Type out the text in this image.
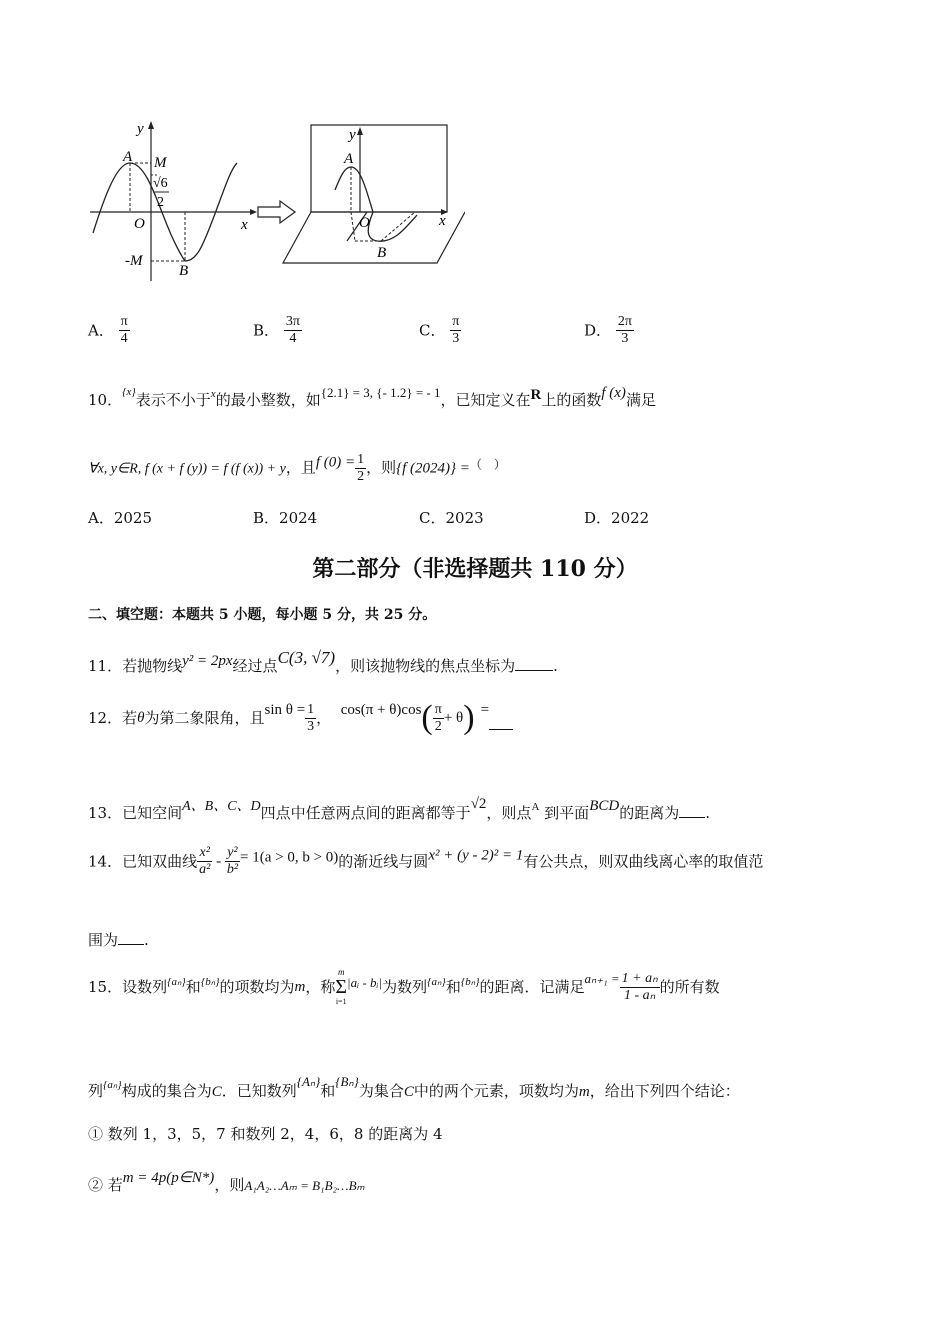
y
x
A M
√6
2
O
-M
B
y
x
A
O
B
A． $\frac{\pi}{4}$	B． $\frac{3\pi}{4}$	C． $\frac{\pi}{3}$	D． $\frac{2\pi}{3}$
10．$^{\{x\}}$表示不小于$^x$的最小整数，如{2.1} = 3, {- 1.2} = - 1，已知定义在R上的函数f (x)满足
∀x, y∈R, f (x + f (y)) = f (f (x)) + y，且f $(0) = \frac{1}{2}$ ，则{f (2024)} =（　）
A．2025	B．2024	C．2023	D．2022
第二部分（非选择题共 110 分）
二、填空题：本题共 5 小题，每小题 5 分，共 25 分。
11．若抛物线y² = 2px经过点C(3, √7)，则该抛物线的焦点坐标为	.
12．若θ为第二象限角，且$\sin \theta = \frac{1}{3}$ ， $\cos(\pi + \theta)\cos( \frac{\pi}{2} + \theta)$ =
13．已知空间A、B、C、D四点中任意两点间的距离都等于√2，则点$^A$ 到平面BCD的距离为 .
14．已知双曲线 $\frac{\text{x²}}{\text{a²}} - \frac{\text{y²}}{\text{b²}} = 1(a > 0$, b > 0)的渐近线与圆x² + (y - 2)² = 1有公共点，则双曲线离心率的取值范
围为 .
15．设数列$^{\{a_n\}}$和$^{\{b_n\}}$的项数均为m，称
m
Σ
i=1
|aᵢ - bᵢ|为数列$^{\{a_n\}}$和$^{\{b_n\}}$的距离．记满足$a_{n+1} = \frac{\text{1 + aₙ}}{\text{1 - aₙ}}$ 的所有数
列$^{\{a_n\}}$构成的集合为C．已知数列{Aₙ}和{Bₙ}为集合C中的两个元素，项数均为m，给出下列四个结论：
① 数列 1，3，5，7 和数列 2，4，6，8 的距离为 4
② 若m = 4p(p∈N*)，则A₁A₂…Aₘ = B₁B₂…Bₘ
